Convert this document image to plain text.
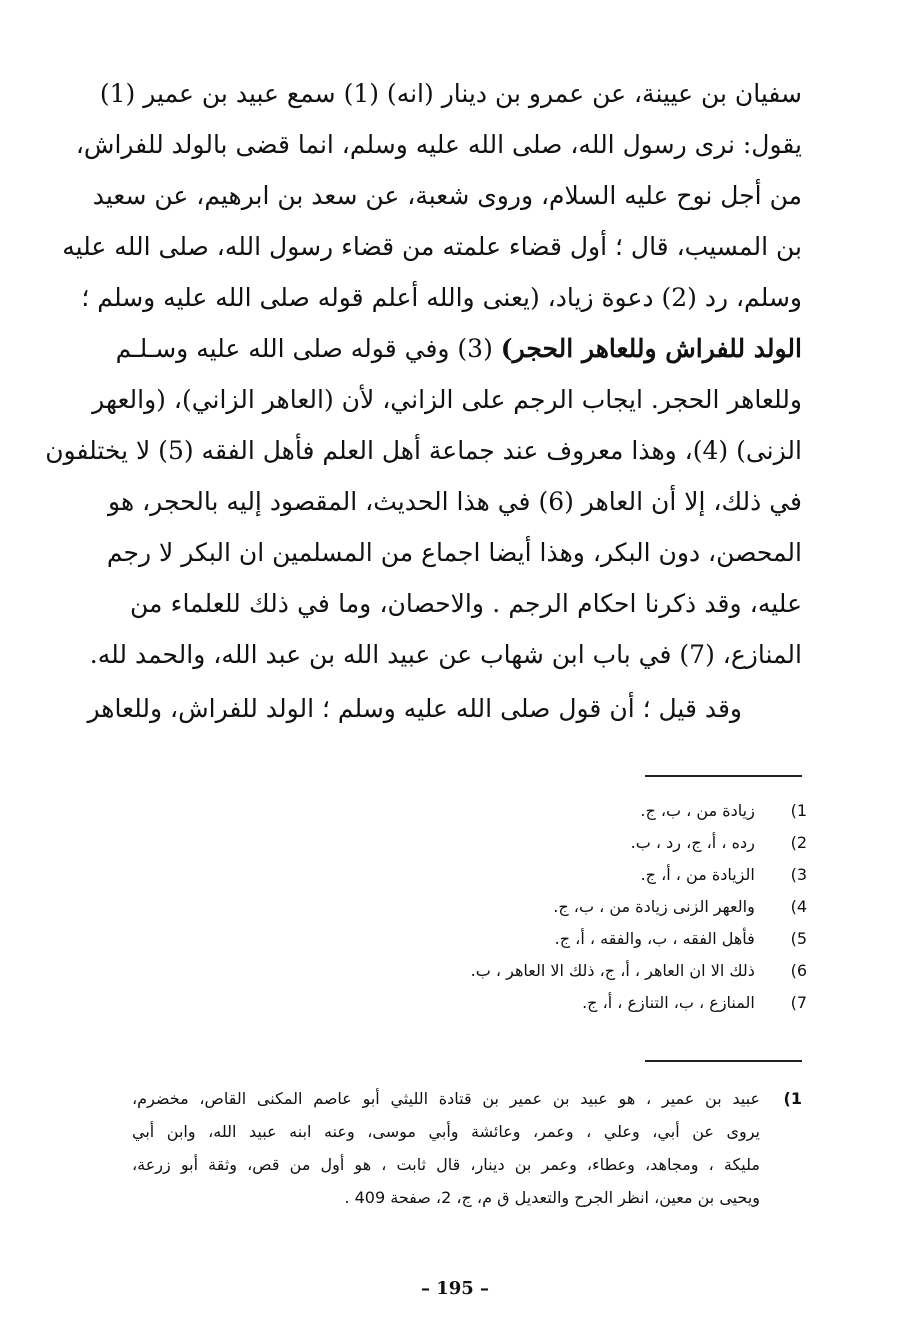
سفيان بن عيينة، عن عمرو بن دينار (انه) (1) سمع عبيد بن عمير (1)
يقول: نرى رسول الله، صلى الله عليه وسلم، انما قضى بالولد للفراش،
من أجل نوح عليه السلام، وروى شعبة، عن سعد بن ابرهيم، عن سعيد
بن المسيب، قال ؛ أول قضاء علمته من قضاء رسول الله، صلى الله عليه
وسلم، رد (2) دعوة زياد، (يعنى والله أعلم قوله صلى الله عليه وسلم ؛
الولد للفراش وللعاهر الحجر) (3) وفي قوله صلى الله عليه وسـلـم
وللعاهر الحجر. ايجاب الرجم على الزاني، لأن (العاهر الزاني)، (والعهر
الزنى) (4)، وهذا معروف عند جماعة أهل العلم فأهل الفقه (5) لا يختلفون
في ذلك، إلا أن العاهر (6) في هذا الحديث، المقصود إليه بالحجر، هو
المحصن، دون البكر، وهذا أيضا اجماع من المسلمين ان البكر لا رجم
عليه، وقد ذكرنا احكام الرجم . والاحصان، وما في ذلك للعلماء من
المنازع، (7) في باب ابن شهاب عن عبيد الله بن عبد الله، والحمد لله.
وقد قيل ؛ أن قول صلى الله عليه وسلم ؛ الولد للفراش، وللعاهر
1)  زيادة من ، ب، ج.
2)  رده ، أ، ج، رد ، ب.
3)  الزيادة من ، أ، ج.
4)  والعهر الزنى زيادة من ، ب، ج.
5)  فأهل الفقه ، ب، والفقه ، أ، ج.
6)  ذلك الا ان العاهر ، أ، ج، ذلك الا العاهر ، ب.
7)  المنازع ، ب، التنازع ، أ، ج.
1)عبيد بن عمير ، هو عبيد بن عمير بن قتادة الليثي أبو عاصم المكنى القاص، مخضرم،
يروى عن أبي، وعلي ، وعمر، وعائشة وأبي موسى، وعنه ابنه عبيد الله، وابن أبي
مليكة ، ومجاهد، وعطاء، وعمر بن دينار، قال ثابت ، هو أول من قص، وثقة أبو زرعة،
ويحيى بن معين، انظر الجرح والتعديل ق م، ج، 2، صفحة 409 .
– 195 –
